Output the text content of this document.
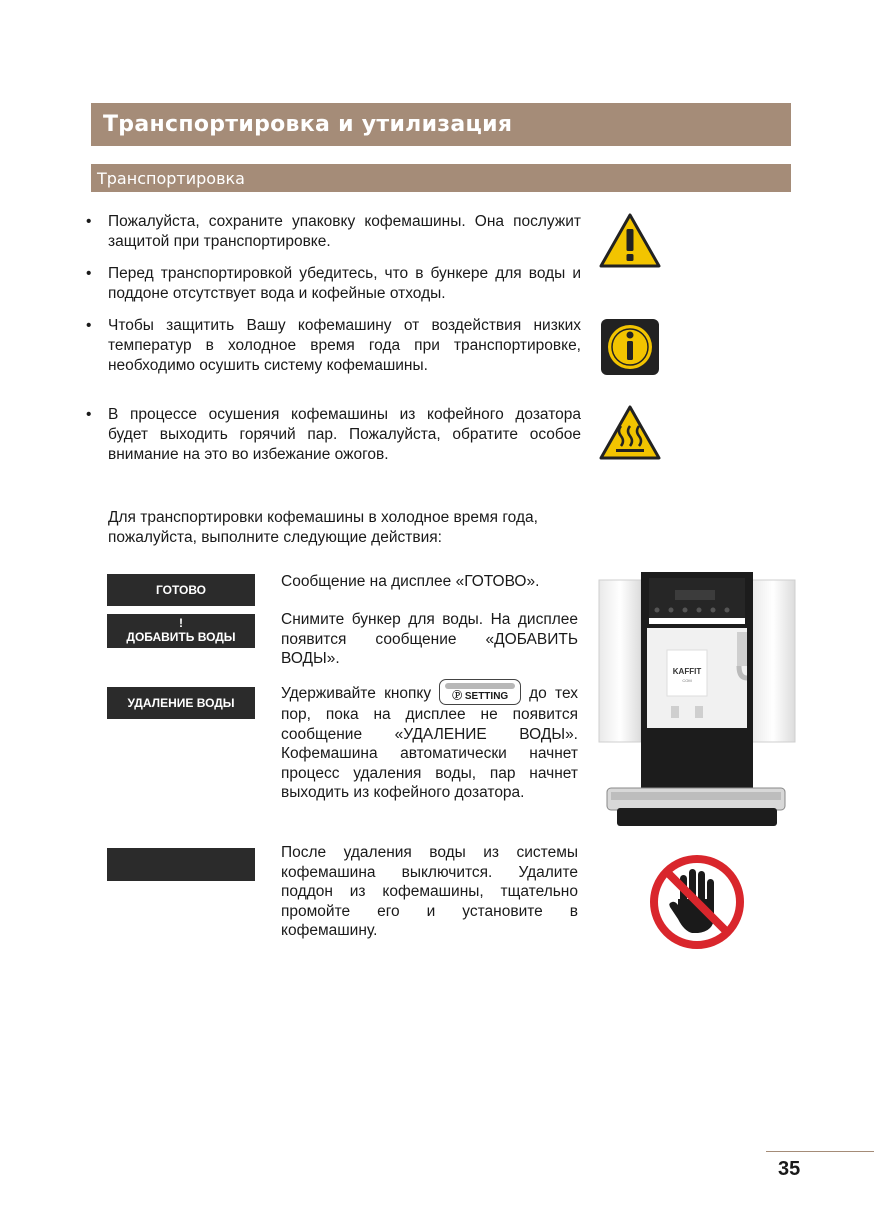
Транспортировка и утилизация
Транспортировка
• Пожалуйста, сохраните упаковку кофемашины. Она послужит защитой при транспортировке.
• Перед транспортировкой убедитесь, что в бункере для воды и поддоне отсутствует вода и кофейные отходы.
• Чтобы защитить Вашу кофемашину от воздействия низких температур в холодное время года при транспортировке, необходимо осушить систему кофемашины.
• В процессе осушения кофемашины из кофейного дозатора будет выходить горячий пар. Пожалуйста, обратите особое внимание на это во избежание ожогов.
Для транспортировки кофемашины в холодное время года, пожалуйста, выполните следующие действия:
ГОТОВО
!
ДОБАВИТЬ ВОДЫ
УДАЛЕНИЕ ВОДЫ
Сообщение на дисплее «ГОТОВО».
Снимите бункер для воды. На дисплее появится сообщение «ДОБАВИТЬ ВОДЫ».
Удерживайте кнопку	Ⓟ SETTING	до тех пор, пока на дисплее не появится сообщение «УДАЛЕНИЕ ВОДЫ». Кофемашина автоматически начнет процесс удаления воды, пар начнет выходить из кофейного дозатора.
После удаления воды из системы кофемашина выключится. Удалите поддон из кофемашины, тщательно промойте его и установите в кофемашину.
KAFFIT
COM
35
